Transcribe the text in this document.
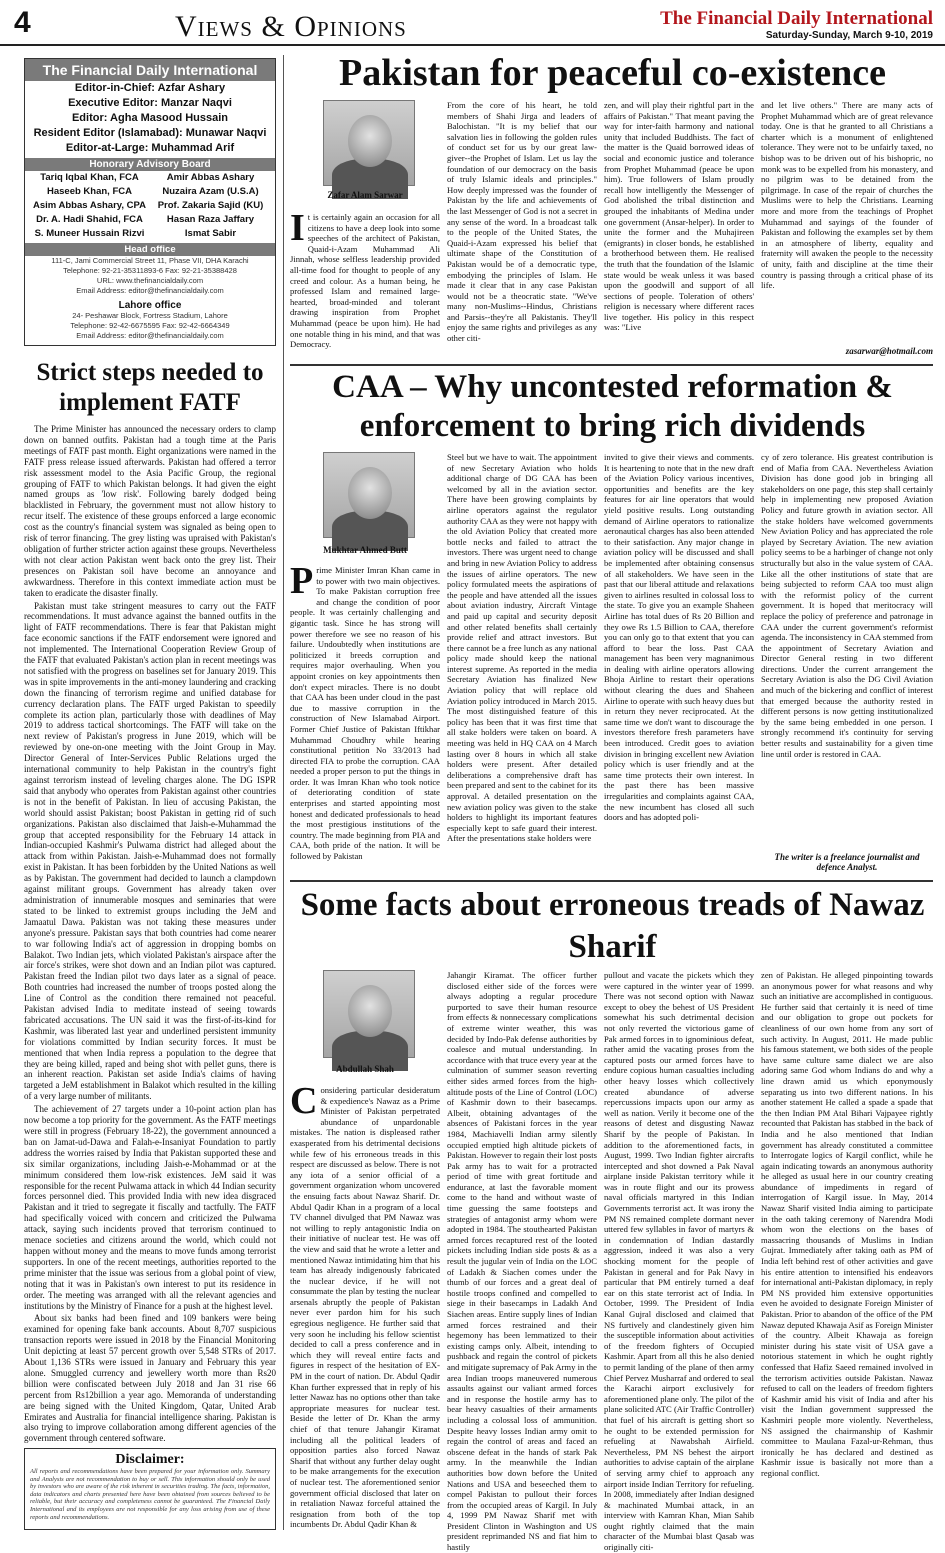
4	Views & Opinions	The Financial Daily International
Saturday-Sunday, March 9-10, 2019
The Financial Daily International
Editor-in-Chief: Azfar Ashary
Executive Editor: Manzar Naqvi
Editor: Agha Masood Hussain
Resident Editor (Islamabad): Munawar Naqvi
Editor-at-Large: Muhammad Arif
Honorary Advisory Board
Tariq Iqbal Khan, FCA	Amir Abbas Ashary
Haseeb Khan, FCA	Nuzaira Azam (U.S.A)
Asim Abbas Ashary, CPA	Prof. Zakaria Sajid (KU)
Dr. A. Hadi Shahid, FCA	Hasan Raza Jaffary
S. Muneer Hussain Rizvi	Ismat Sabir
Head office
111-C, Jami Commercial Street 11, Phase VII, DHA Karachi
Telephone: 92-21-35311893-6 Fax: 92-21-35388428
URL: www.thefinancialdaily.com
Email Address: editor@thefinancialdaily.com
Lahore office
24- Peshawar Block, Fortress Stadium, Lahore
Telephone: 92-42-6675595 Fax: 92-42-6664349
Email Address: editor@thefinancialdaily.com
Strict steps needed to implement FATF

The Prime Minister has announced the necessary orders to clamp down on banned outfits. Pakistan had a tough time at the Paris meetings of FATF past month. Eight organizations were named in the FATF press release issued afterwards. Pakistan had offered a terror risk assessment model to the Asia Pacific Group, the regional grouping of FATF to which Pakistan belongs. It had given the eight named groups as 'low risk'. Following barely dodged being blacklisted in February, the government must not allow history to recur itself. The existence of these groups enforced a large economic cost as the country's financial system was signaled as being open to risk of terror financing. The grey listing was upraised with Pakistan's obligation of further stricter action against these groups. Nevertheless with not clear action Pakistan went back onto the grey list. Their presences on Pakistan soil have become an annoyance and awkwardness. Therefore in this context immediate action must be taken to eradicate the disaster finally.

Pakistan must take stringent measures to carry out the FATF recommendations. It must advance against the banned outfits in the light of FATF recommendations. There is fear that Pakistan might face economic sanctions if the FATF endorsement were ignored and not implemented. The International Cooperation Review Group of the FATF that evaluated Pakistan's action plan in recent meetings was not satisfied with the progress on baselines set for January 2019. This was in spite improvements in the anti-money laundering and cracking down the financing of terrorism regime and unified database for currency declaration plans. The FATF urged Pakistan to speedily complete its action plan, particularly those with deadlines of May 2019 to address tactical shortcomings. The FATF will take on the next review of Pakistan's progress in June 2019, which will be reviewed by one-on-one meeting with the Joint Group in May. Director General of Inter-Services Public Relations urged the international community to help Pakistan in the country's fight against terrorism instead of leveling charges alone. The DG ISPR said that anybody who operates from Pakistan against other countries is not in the benefit of Pakistan. In lieu of accusing Pakistan, the world should assist Pakistan; boost Pakistan in getting rid of such organizations. Pakistan also disclaimed that Jaish-e-Muhammad the group that accepted responsibility for the February 14 attack in Indian-occupied Kashmir's Pulwama district had alleged about the attack from within Pakistan. Jaish-e-Muhammad does not formally exist in Pakistan. It has been forbidden by the United Nations as well as by Pakistan. The government had decided to launch a clampdown against militant groups. Government has already taken over administration of innumerable mosques and seminaries that were stated to be linked to extremist groups including the JeM and Jamaatul Dawa. Pakistan was not taking these measures under anyone's pressure. Pakistan says that both countries had come nearer to war following India's act of aggression in dropping bombs on Balakot. Two Indian jets, which violated Pakistan's airspace after the air force's strikes, were shot down and an Indian pilot was captured. Pakistan freed the Indian pilot two days later as a signal of peace. Both countries had increased the number of troops posted along the Line of Control as the condition there remained not peaceful. Pakistan advised India to meditate instead of seeing towards fabricated accusations. The UN said it was the first-of-its-kind for Kashmir, was liberated last year and underlined persistent immunity for violations committed by Indian security forces. It must be mentioned that when India repress a population to the degree that they are being killed, raped and being shot with pellet guns, there is an inherent reaction. Pakistan set aside India's claims of having targeted a JeM establishment in Balakot which resulted in the killing of a very large number of militants.

The achievement of 27 targets under a 10-point action plan has now become a top priority for the government. As the FATF meetings were still in progress (February 18-22), the government announced a ban on Jamat-ud-Dawa and Falah-e-Insaniyat Foundation to partly address the worries raised by India that Pakistan supported these and six similar organizations, including Jaish-e-Mohammad or at the minimum considered them low-risk existences. JeM said it was responsible for the recent Pulwama attack in which 44 Indian security forces personnel died. This provided India with new idea disgraced Pakistan and it tried to segregate it fiscally and tactfully. The FATF had specifically voiced with concern and criticized the Pulwama attack, saying such incidents proved that terrorism continued to menace societies and citizens around the world, which could not happen without money and the means to move funds among terrorist supporters. In one of the recent meetings, authorities reported to the prime minister that the issue was serious from a global point of view, noting that it was in Pakistan's own interest to put its residence in order. The meeting was arranged with all the relevant agencies and institutions by the Ministry of Finance for a push at the highest level.

About six banks had been fined and 109 bankers were being examined for opening fake bank accounts. About 8,707 suspicious transaction reports were issued in 2018 by the Financial Monitoring Unit depicting at least 57 percent growth over 5,548 STRs of 2017. About 1,136 STRs were issued in January and February this year alone. Smuggled currency and jewellery worth more than Rs20 billion were confiscated between July 2018 and Jan 31 rise 66 percent from Rs12billion a year ago. Memoranda of understanding are being signed with the United Kingdom, Qatar, United Arab Emirates and Australia for financial intelligence sharing. Pakistan is also trying to improve collaboration among different agencies of the government through centered software.

Disclaimer:
All reports and recommendations have been prepared for your information only. Summary and Analysis are not recommendation to buy or sell. This information should only be used by investors who are aware of the risk inherent in securities trading. The facts, information, data indicators and charts presented here have been obtained from sources believed to be reliable, but their accuracy and completeness cannot be guaranteed. The Financial Daily International and its employees are not responsible for any loss arising from use of these reports and recommendations.
Pakistan for peaceful co-existence
Zafar Alam Sarwar

It is certainly again an occasion for all citizens to have a deep look into some speeches of the architect of Pakistan, Quaid-i-Azam Muhammad Ali Jinnah, whose selfless leadership provided all-time food for thought to people of any creed and colour. As a human being, he professed Islam and remained large-hearted, broad-minded and tolerant drawing inspiration from Prophet Muhammad (peace be upon him). He had one notable thing in his mind, and that was Democracy.

From the core of his heart, he told members of Shahi Jirga and leaders of Balochistan. "It is my belief that our salvation lies in following the golden rules of conduct set for us by our great law-giver--the Prophet of Islam. Let us lay the foundation of our democracy on the basis of truly Islamic ideals and principles." How deeply impressed was the founder of Pakistan by the life and achievements of the last Messenger of God is not a secret in any sense of the word. In a broadcast talk to the people of the United States, the Quaid-i-Azam expressed his belief that ultimate shape of the Constitution of Pakistan would be of a democratic type, embodying the principles of Islam. He made it clear that in any case Pakistan would not be a theocratic state. "We've many non-Muslims--Hindus, Christians and Parsis--they're all Pakistanis. They'll enjoy the same rights and privileges as any other citi-

zen, and will play their rightful part in the affairs of Pakistan." That meant paving the way for inter-faith harmony and national unity that included Buddhists. The fact of the matter is the Quaid borrowed ideas of social and economic justice and tolerance from Prophet Muhammad (peace be upon him). True followers of Islam proudly recall how intelligently the Messenger of God abolished the tribal distinction and grouped the inhabitants of Medina under one government (Ansar-helper). In order to unite the former and the Muhajireen (emigrants) in closer bonds, he established a brotherhood between them. He realised the truth that the foundation of the Islamic state would be weak unless it was based upon the goodwill and support of all sections of people. Toleration of others' religion is necessary where different races live together. His policy in this respect was: "Live

and let live others." There are many acts of Prophet Muhammad which are of great relevance today. One is that he granted to all Christians a charter which is a monument of enlightened tolerance. They were not to be unfairly taxed, no bishop was to be driven out of his bishopric, no monk was to be expelled from his monastery, and no pilgrim was to be detained from the pilgrimage. In case of the repair of churches the Muslims were to help the Christians. Learning more and more from the teachings of Prophet Muhammad and sayings of the founder of Pakistan and following the examples set by them in an atmosphere of liberty, equality and fraternity will awaken the people to the necessity of unity, faith and discipline at the time their country is passing through a critical phase of its life.

zasarwar@hotmail.com
CAA – Why uncontested reformation & enforcement to bring rich dividends
Mukhtar Ahmed Butt

Prime Minister Imran Khan came in to power with two main objectives. To make Pakistan corruption free and change the condition of poor people. It was certainly challenging and gigantic task. Since he has strong will power therefore we see no reason of his failure. Undoubtedly when institutions are politicized it breeds corruption and requires major overhauling. When you appoint cronies on key appointments then don't expect miracles. There is no doubt that CAA has been under cloud in the past due to massive corruption in the construction of New Islamabad Airport. Former Chief Justice of Pakistan Iftikhar Muhammad Choudhry while hearing constitutional petition No 33/2013 had directed FIA to probe the corruption. CAA needed a proper person to put the things in order. It was Imran Khan who took notice of deteriorating condition of state enterprises and started appointing most honest and dedicated professionals to head the most prestigious institutions of the country. The made beginning from PIA and CAA, both pride of the nation. It will be followed by Pakistan

Steel but we have to wait. The appointment of new Secretary Aviation who holds additional charge of DG CAA has been welcomed by all in the aviation sector. There have been growing complaints by airline operators against the regulator authority CAA as they were not happy with the old Aviation Policy that created more bottle necks and failed to attract the investors. There was urgent need to change and bring in new Aviation Policy to address the issues of airline operators. The new policy formulated meets the aspirations of the people and have attended all the issues about aviation industry, Aircraft Vintage and paid up capital and security deposit and other related benefits shall certainly provide relief and attract investors. But there cannot be a free lunch as any national policy made should keep the national interest supreme. As reported in the media Secretary Aviation has finalized New Aviation policy that will replace old Aviation policy introduced in March 2015. The most distinguished feature of this policy has been that it was first time that all stake holders were taken on board. A meeting was held in HQ CAA on 4 March lasting over 8 hours in which all stake holders were present. After detailed deliberations a comprehensive draft has been prepared and sent to the cabinet for its approval. A detailed presentation on the new aviation policy was given to the stake holders to highlight its important features especially kept to safe guard their interest. After the presentations stake holders were

invited to give their views and comments. It is heartening to note that in the new draft of the Aviation Policy various incentives, opportunities and benefits are the key features for air line operators that would yield positive results. Long outstanding demand of Airline operators to rationalize aeronautical charges has also been attended to their satisfaction. Any major change in aviation policy will be discussed and shall be implemented after obtaining consensus of all stakeholders. We have seen in the past that our liberal attitude and relaxations given to airlines resulted in colossal loss to the state. To give you an example Shaheen Airline has total dues of Rs 20 Billion and they owe Rs 1.5 Billion to CAA, therefore you can only go to that extent that you can afford to bear the loss. Past CAA management has been very magnanimous in dealing with airline operators allowing Bhoja Airline to restart their operations without clearing the dues and Shaheen Airline to operate with such heavy dues but in return they never reciprocated. At the same time we don't want to discourage the investors therefore fresh parameters have been introduced. Credit goes to aviation division in bringing excellent new Aviation policy which is user friendly and at the same time protects their own interest. In the past there has been massive irregularities and complaints against CAA, the new incumbent has closed all such doors and has adopted poli-

cy of zero tolerance. His greatest contribution is end of Mafia from CAA. Nevertheless Aviation Division has done good job in bringing all stakeholders on one page, this step shall certainly help in implementing new proposed Aviation Policy and future growth in aviation sector. All the stake holders have welcomed governments New Aviation Policy and has appreciated the role played by Secretary Aviation. The new aviation policy seems to be a harbinger of change not only structurally but also in the value system of CAA. Like all the other institutions of state that are being subjected to reform CAA too must align with the reformist policy of the current government. It is hoped that meritocracy will replace the policy of preference and patronage in CAA under the current government's reformist agenda. The inconsistency in CAA stemmed from the appointment of Secretary Aviation and Director General resting in two different directions. Under the current arrangement the Secretary Aviation is also the DG Civil Aviation and much of the bickering and conflict of interest that emerged because the authority rested in different persons is now getting institutionalized by the same being embedded in one person. I strongly recommend it's continuity for serving better results and sustainability for a given time line until order is restored in CAA.

The writer is a freelance journalist and defence Analyst.
Some facts about erroneous treads of Nawaz Sharif
Abdullah Shah

Considering particular desideratum & expedience's Nawaz as a Prime Minister of Pakistan perpetrated abundance of unpardonable mistakes. The nation is displeased rather exasperated from his detrimental decisions while few of his erroneous treads in this respect are discussed as below. There is not any iota of a senior official of a government organization whom uncovered the ensuing facts about Nawaz Sharif. Dr. Abdul Qadir Khan in a program of a local TV channel divulged that PM Nawaz was not willing to reply antagonistic India on their initiative of nuclear test. He was off the view and said that he wrote a letter and mentioned Nawaz intimidating him that his team has already indigenously fabricated the nuclear device, if he will not consummate the plan by testing the nuclear arsenals abruptly the people of Pakistan never ever pardon him for his such egregious negligence. He further said that very soon he including his fellow scientist decided to call a press conference and in which they will reveal entire facts and figures in respect of the hesitation of EX-PM in the court of nation. Dr. Abdul Qadir Khan further expressed that in reply of his letter Nawaz has no options other than take appropriate measures for nuclear test. Beside the letter of Dr. Khan the army chief of that tenure Jahangir Kiramat including all the political leaders of opposition parties also forced Nawaz Sharif that without any further delay ought to be make arrangements for the execution of nuclear test. The aforementioned senior government official disclosed that later on in retaliation Nawaz forceful attained the resignation from both of the top incumbents Dr. Abdul Qadir Khan &

Jahangir Kiramat. The officer further disclosed either side of the forces were always adopting a regular procedure purported to save their human resource from effects & nonnecessary complications of extreme winter weather, this was decided by Indo-Pak defense authorities by coalesce and mutual understanding. In accordance with that truce every year at the culmination of summer season reverting either sides armed forces from the high-altitude posts of the Line of Control (LOC) of Kashmir down to their basecamps. Albeit, obtaining advantages of the absences of Pakistani forces in the year 1984, Machiavelli Indian army silently occupied emptied high altitude pickets of Pakistan. However to regain their lost posts Pak army has to wait for a protracted period of time with great fortitude and endurance, at last the favorable moment come to the hand and without waste of time guessing the same footsteps and strategies of antagonist army whom were adopted in 1984. The stouthearted Pakistan armed forces recaptured rest of the looted pickets including Indian side posts & as a result the jugular vein of India on the LOC of Ladakh & Siachen comes under the thumb of our forces and a great deal of hostile troops confined and compelled to siege in their basecamps in Ladakh And Siachen areas. Entire supply lines of Indian armed forces restrained and their hegemony has been lemmatized to their existing camps only. Albeit, intending to pushback and regain the control of pickets and mitigate supremacy of Pak Army in the area Indian troops maneuvered numerous assaults against our valiant armed forces and in response the hostile army has to bear heavy casualties of their armaments including a colossal loss of ammunition. Despite heavy losses Indian army omit to regain the control of areas and faced an obscene defeat in the hands of stark Pak army. In the meanwhile the Indian authorities bow down before the United Nations and USA and beseeched them to compel Pakistan to pullout their forces from the occupied areas of Kargil. In July 4, 1999 PM Nawaz Sharif met with President Clinton in Washington and US president reprimanded NS and fiat him to hastily

pullout and vacate the pickets which they were captured in the winter year of 1999. There was not second option with Nawaz except to obey the behest of US President somewhat his such detrimental decision not only reverted the victorious game of Pak armed forces in to ignominious defeat, rather amid the vacating proses from the captured posts our armed forces have to endure copious human casualties including other heavy losses which collectively created abundance of adverse repercussions impacts upon our army as well as nation. Verily it become one of the reasons of detest and disgusting Nawaz Sharif by the people of Pakistan. In addition to the aforementioned facts, in August, 1999. Two Indian fighter aircrafts intercepted and shot downed a Pak Naval airplane inside Pakistan territory while it was in route flight and our its prowess naval officials martyred in this Indian Governments terrorist act. It was irony the PM NS remained complete dormant never uttered few syllables in favor of martyrs & in condemnation of Indian dastardly aggression, indeed it was also a very shocking moment for the people of Pakistan in general and for Pak Navy in particular that PM entirely turned a deaf ear on this state terrorist act of India. In October, 1999. The President of India Kanal Gujral disclosed and claimed that NS furtively and clandestinely given him the susceptible information about activities of the freedom fighters of Occupied Kashmir. Apart from all this he also denied to permit landing of the plane of then army Chief Pervez Musharraf and ordered to seal the Karachi airport exclusively for aforementioned plane only. The pilot of the plane solicited ATC (Air Traffic Controller) that fuel of his aircraft is getting short so he ought to be extended permission for refueling at Nawabshah Airfield. Nevertheless, PM NS behest the airport authorities to advise captain of the airplane of serving army chief to approach any airport inside Indian Territory for refueling. In 2008, immediately after Indian designed & machinated Mumbai attack, in an interview with Kamran Khan, Mian Sahib ought rightly claimed that the main character of the Mumbai blast Qasab was originally citi-

zen of Pakistan. He alleged pinpointing towards an anonymous power for what reasons and why such an initiative are accomplished in contiguous. He further said that certainly it is need of time and our obligation to grope out pockets for cleanliness of our own home from any sort of such activity. In August, 2011. He made public his famous statement, we both sides of the people have same culture same dialect we are also adoring same God whom Indians do and why a line drawn amid us which eponymously separating us into two different nations. In his another statement He called a spade a spade that the then Indian PM Atal Bihari Vajpayee rightly recounted that Pakistan has stabbed in the back of India and he also mentioned that Indian government has already constituted a committee to Interrogate logics of Kargil conflict, while he again indicating towards an anonymous authority he alleged as usual here in our country creating abundance of impediments in regard of interrogation of Kargil issue. In May, 2014 Nawaz Sharif visited India aiming to participate in the oath taking ceremony of Narendra Modi whom won the elections on the bases of massacring thousands of Muslims in Indian Gujrat. Immediately after taking oath as PM of India left behind rest of other activities and gave his entire attention to intensified his endeavors for international anti-Pakistan diplomacy, in reply PM NS provided him extensive opportunities even he avoided to designate Foreign Minister of Pakistan. Prior to abandon of the office of the PM Nawaz deputed Khawaja Asif as Foreign Minister of the country. Albeit Khawaja as foreign minister during his state visit of USA gave a notorious statement in which he ought rightly confessed that Hafiz Saeed remained involved in the terrorism activities outside Pakistan. Nawaz refused to call on the leaders of freedom fighters of Kashmir amid his visit of India and after his visit the Indian government suppressed the Kashmiri people more violently. Nevertheless, NS assigned the chairmanship of Kashmir committee to Maulana Fazal-ur-Rehman, thus ironically he has declared and destined as Kashmir issue is basically not more than a regional conflict.
